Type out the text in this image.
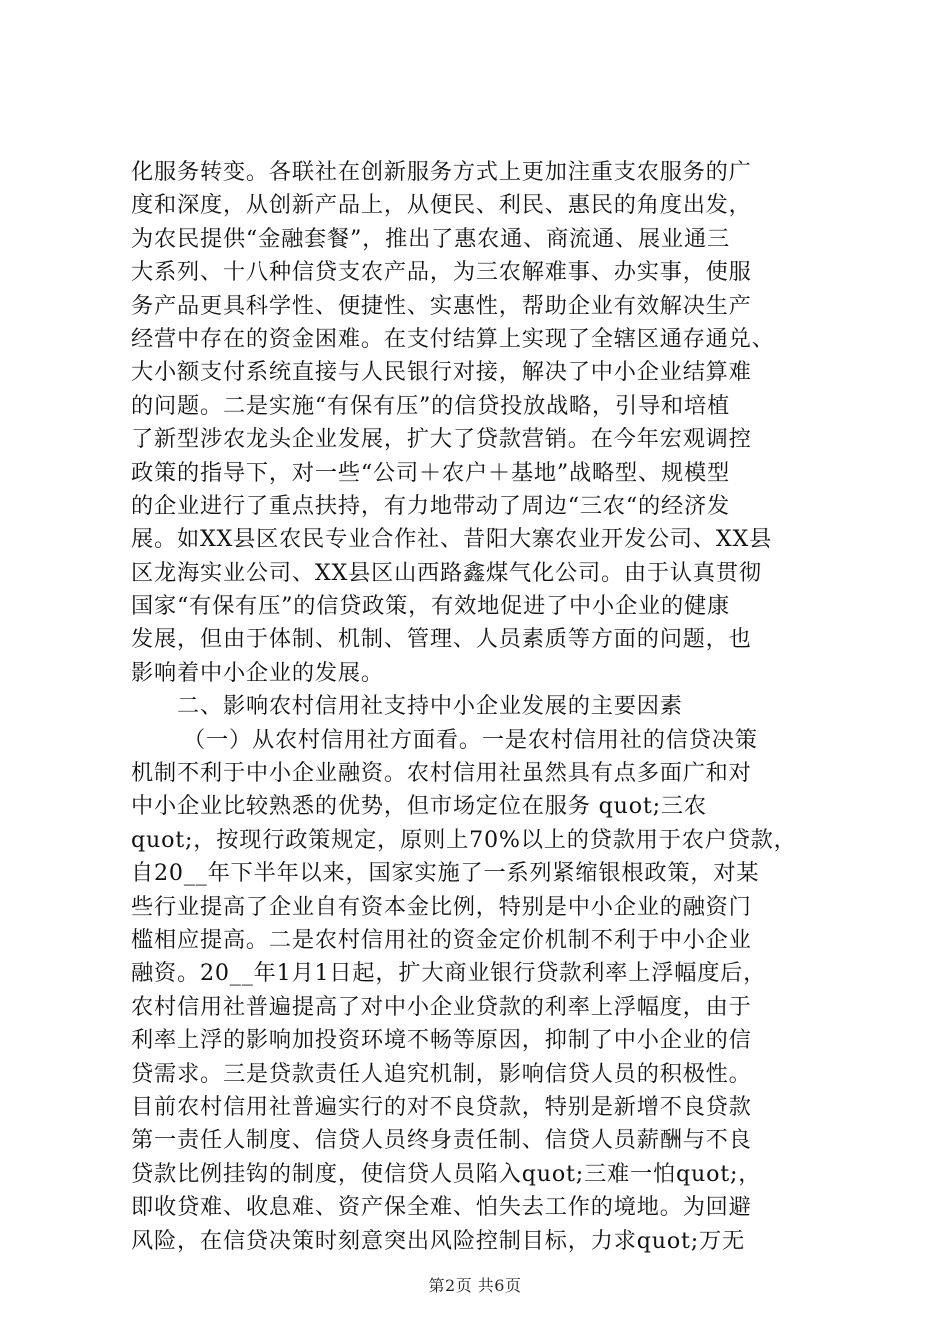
化服务转变。各联社在创新服务方式上更加注重支农服务的广
度和深度，从创新产品上，从便民、利民、惠民的角度出发，
为农民提供“金融套餐”，推出了惠农通、商流通、展业通三
大系列、十八种信贷支农产品，为三农解难事、办实事，使服
务产品更具科学性、便捷性、实惠性，帮助企业有效解决生产
经营中存在的资金困难。在支付结算上实现了全辖区通存通兑、
大小额支付系统直接与人民银行对接，解决了中小企业结算难
的问题。二是实施“有保有压”的信贷投放战略，引导和培植
了新型涉农龙头企业发展，扩大了贷款营销。在今年宏观调控
政策的指导下，对一些“公司＋农户＋基地”战略型、规模型
的企业进行了重点扶持，有力地带动了周边“三农“的经济发
展。如XX县区农民专业合作社、昔阳大寨农业开发公司、XX县
区龙海实业公司、XX县区山西路鑫煤气化公司。由于认真贯彻
国家“有保有压”的信贷政策，有效地促进了中小企业的健康
发展，但由于体制、机制、管理、人员素质等方面的问题，也
影响着中小企业的发展。
二、影响农村信用社支持中小企业发展的主要因素
（一）从农村信用社方面看。一是农村信用社的信贷决策
机制不利于中小企业融资。农村信用社虽然具有点多面广和对
中小企业比较熟悉的优势，但市场定位在服务 quot;三农
quot;，按现行政策规定，原则上70%以上的贷款用于农户贷款，
自20__年下半年以来，国家实施了一系列紧缩银根政策，对某
些行业提高了企业自有资本金比例，特别是中小企业的融资门
槛相应提高。二是农村信用社的资金定价机制不利于中小企业
融资。20__年1月1日起，扩大商业银行贷款利率上浮幅度后，
农村信用社普遍提高了对中小企业贷款的利率上浮幅度，由于
利率上浮的影响加投资环境不畅等原因，抑制了中小企业的信
贷需求。三是贷款责任人追究机制，影响信贷人员的积极性。
目前农村信用社普遍实行的对不良贷款，特别是新增不良贷款
第一责任人制度、信贷人员终身责任制、信贷人员薪酬与不良
贷款比例挂钩的制度，使信贷人员陷入quot;三难一怕quot;，
即收贷难、收息难、资产保全难、怕失去工作的境地。为回避
风险，在信贷决策时刻意突出风险控制目标，力求quot;万无
第2页 共6页
